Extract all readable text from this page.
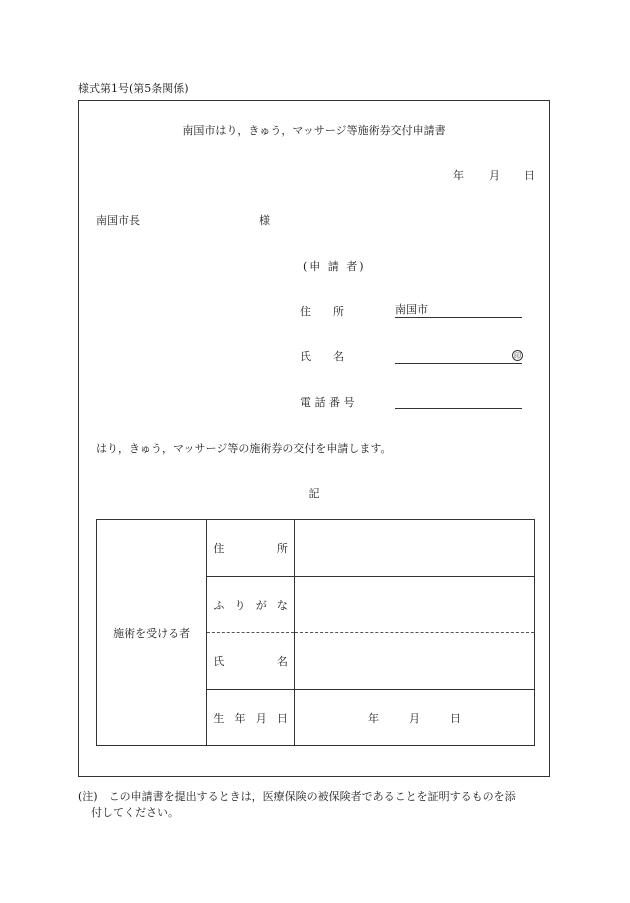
様式第1号(第5条関係)
南国市はり，きゅう，マッサージ等施術券交付申請書
年 月 日
南国市長	様
(申 請 者)
住　　所	南国市
氏　　名	印
電 話 番 号
はり，きゅう，マッサージ等の施術券の交付を申請します。
記
施術を受ける者	住所	

	ふりがな	

	氏名	

	生年月日	年 月 日
(注)　この申請書を提出するときは，医療保険の被保険者であることを証明するものを添
付してください。
